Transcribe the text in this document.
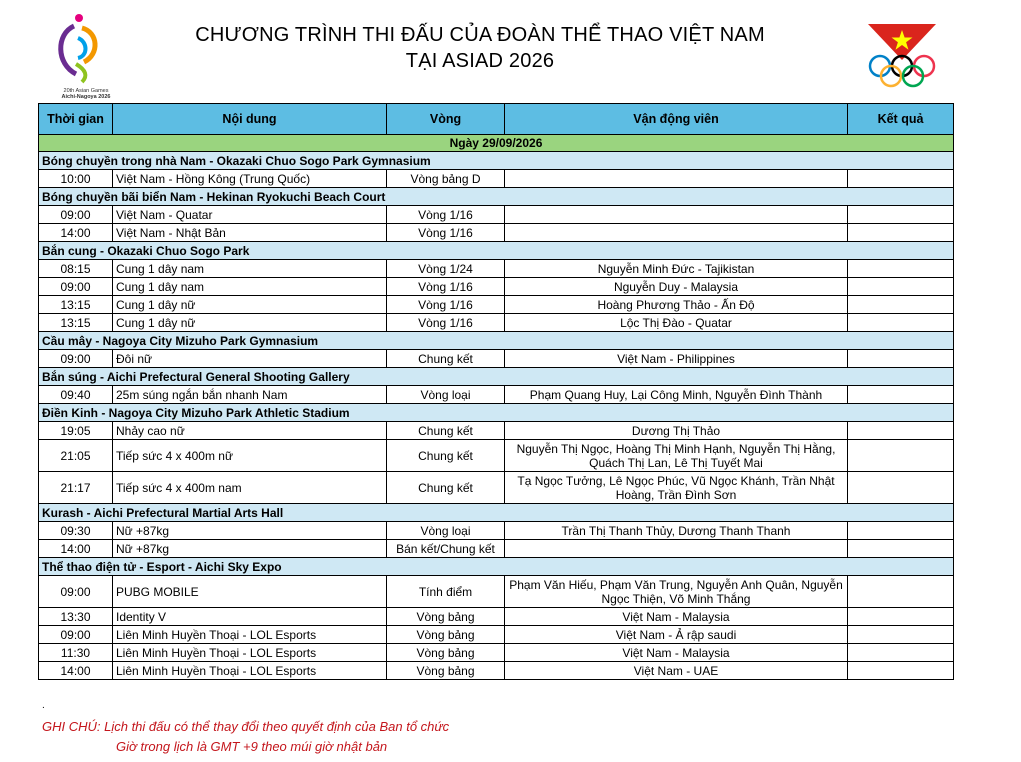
20th Asian Games
Aichi-Nagoya 2026
CHƯƠNG TRÌNH THI ĐẤU CỦA ĐOÀN THỂ THAO VIỆT NAM
TẠI ASIAD 2026
Thời gian	Nội dung	Vòng	Vận động viên	Kết quả
Ngày 29/09/2026				
Bóng chuyền trong nhà Nam - Okazaki Chuo Sogo Park Gymnasium				
10:00	Việt Nam - Hồng Kông (Trung Quốc)	Vòng bảng D		
Bóng chuyền bãi biển Nam - Hekinan Ryokuchi Beach Court				
09:00	Việt Nam - Quatar	Vòng 1/16		
14:00	Việt Nam - Nhật Bản	Vòng 1/16		
Bắn cung - Okazaki Chuo Sogo Park				
08:15	Cung 1 dây nam	Vòng 1/24	Nguyễn Minh Đức - Tajikistan	
09:00	Cung 1 dây nam	Vòng 1/16	Nguyễn Duy - Malaysia	
13:15	Cung 1 dây nữ	Vòng 1/16	Hoàng Phương Thảo - Ấn Độ	
13:15	Cung 1 dây nữ	Vòng 1/16	Lộc Thị Đào - Quatar	
Cầu mây - Nagoya City Mizuho Park Gymnasium				
09:00	Đôi nữ	Chung kết	Việt Nam - Philippines	
Bắn súng - Aichi Prefectural General Shooting Gallery				
09:40	25m súng ngắn bắn nhanh Nam	Vòng loại	Phạm Quang Huy, Lại Công Minh, Nguyễn Đình Thành	
Điền Kinh - Nagoya City Mizuho Park Athletic Stadium				
19:05	Nhảy cao nữ	Chung kết	Dương Thị Thảo	
21:05	Tiếp sức 4 x 400m nữ	Chung kết	Nguyễn Thị Ngọc, Hoàng Thị Minh Hạnh, Nguyễn Thị Hằng, Quách Thị Lan, Lê Thị Tuyết Mai	
21:17	Tiếp sức 4 x 400m nam	Chung kết	Tạ Ngọc Tưởng, Lê Ngọc Phúc, Vũ Ngọc Khánh, Trần Nhật Hoàng, Trần Đình Sơn	
Kurash - Aichi Prefectural Martial Arts Hall				
09:30	Nữ +87kg	Vòng loại	Trần Thị Thanh Thủy, Dương Thanh Thanh	
14:00	Nữ +87kg	Bán kết/Chung kết		
Thể thao điện tử - Esport - Aichi Sky Expo				
09:00	PUBG MOBILE	Tính điểm	Phạm Văn Hiếu, Phạm Văn Trung, Nguyễn Anh Quân, Nguyễn Ngọc Thiện, Võ Minh Thắng	
13:30	Identity V	Vòng bảng	Việt Nam - Malaysia	
09:00	Liên Minh Huyền Thoại - LOL Esports	Vòng bảng	Việt Nam - Ả rập saudi	
11:30	Liên Minh Huyền Thoại - LOL Esports	Vòng bảng	Việt Nam - Malaysia	
14:00	Liên Minh Huyền Thoại - LOL Esports	Vòng bảng	Việt Nam - UAE	
.
GHI CHÚ: Lịch thi đấu có thể thay đổi theo quyết định của Ban tổ chức
Giờ trong lịch là GMT +9 theo múi giờ nhật bản
